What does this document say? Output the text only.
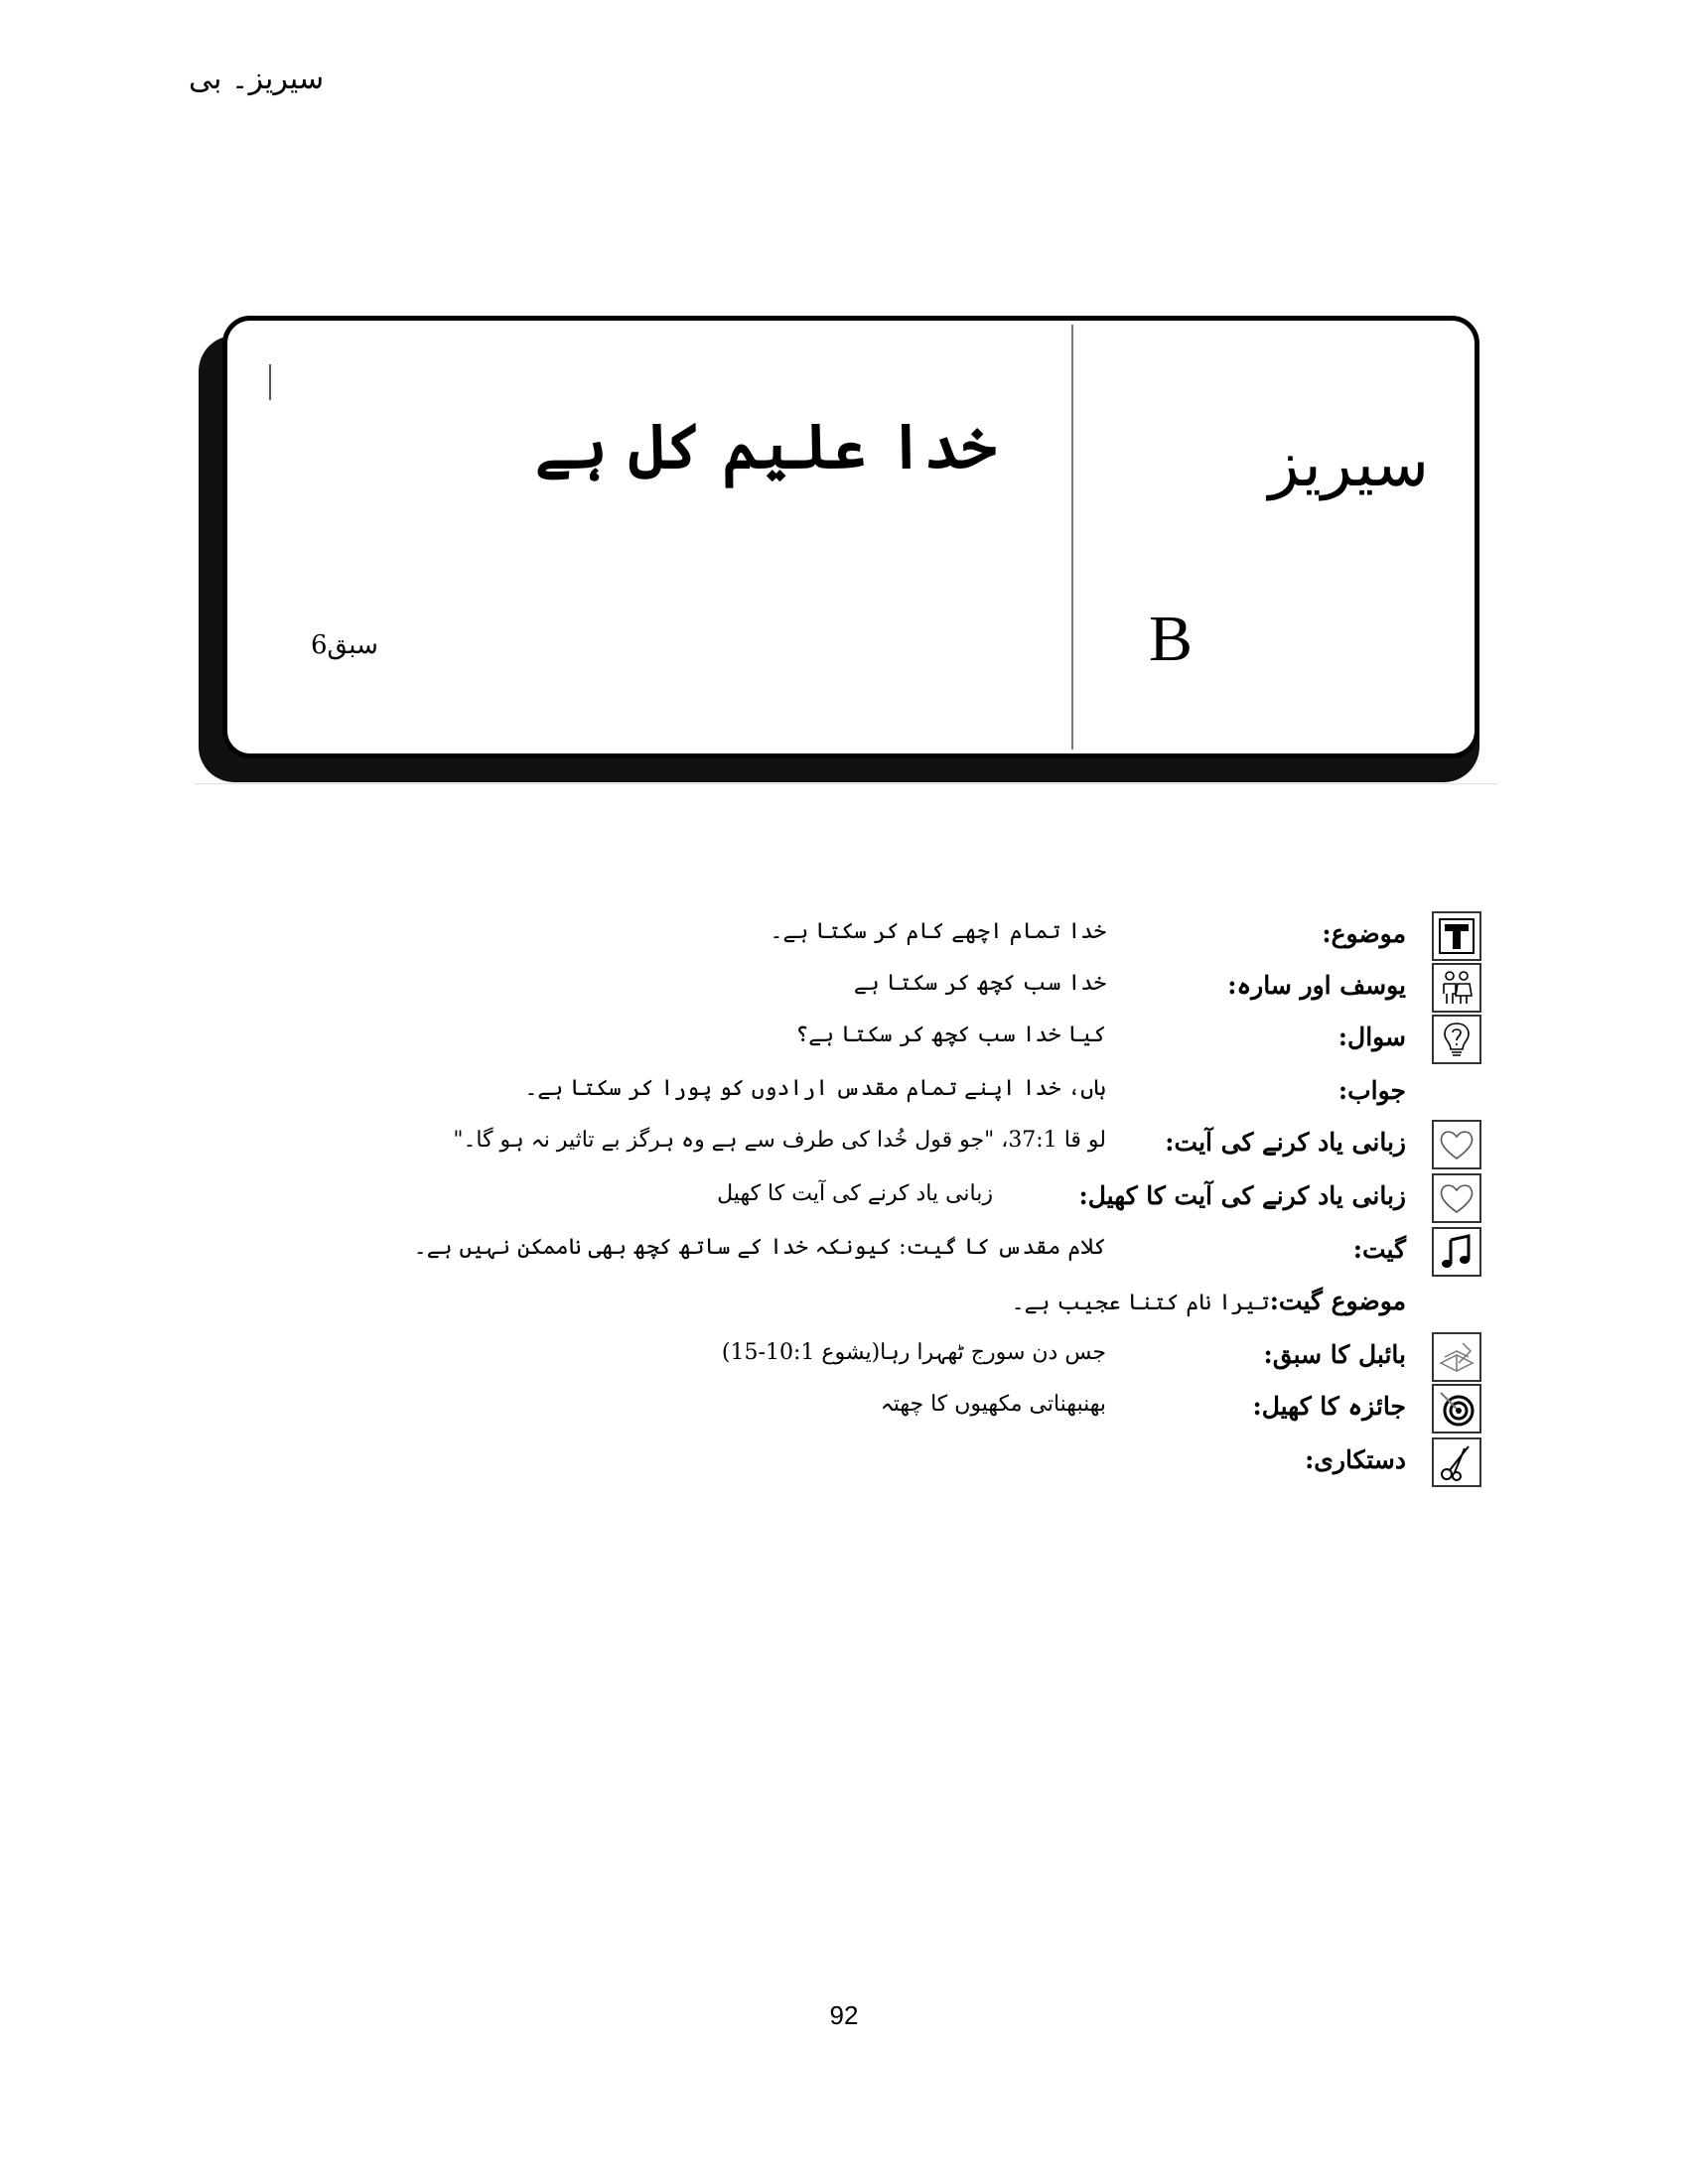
سیریز۔ بی
خدا علیم کل ہے
سبق6
سیریز
B
موضوع:
خدا تمام اچھے کام کر سکتا ہے۔
یوسف اور سارہ:
خدا سب کچھ کر سکتا ہے
سوال:
کیا خدا سب کچھ کر سکتا ہے؟
جواب:
ہاں، خدا اپنے تمام مقدس ارادوں کو پورا کر سکتا ہے۔
زبانی یاد کرنے کی آیت:
لو قا 37:1، "جو قول خُدا کی طرف سے ہے وہ ہرگز بے تاثیر نہ ہو گا۔"
زبانی یاد کرنے کی آیت کا کھیل:
زبانی یاد کرنے کی آیت کا کھیل
گیت:
کلام مقدس کا گیت: کیونکہ خدا کے ساتھ کچھ بھی ناممکن نہیں ہے۔
موضوع گیت:تیرا نام کتنا عجیب ہے۔
بائبل کا سبق:
جس دن سورج ٹھہرا رہا(یشوع 10:1-15)
جائزہ کا کھیل:
بھنبھناتی مکھیوں کا چھتہ
دستکاری:
92
